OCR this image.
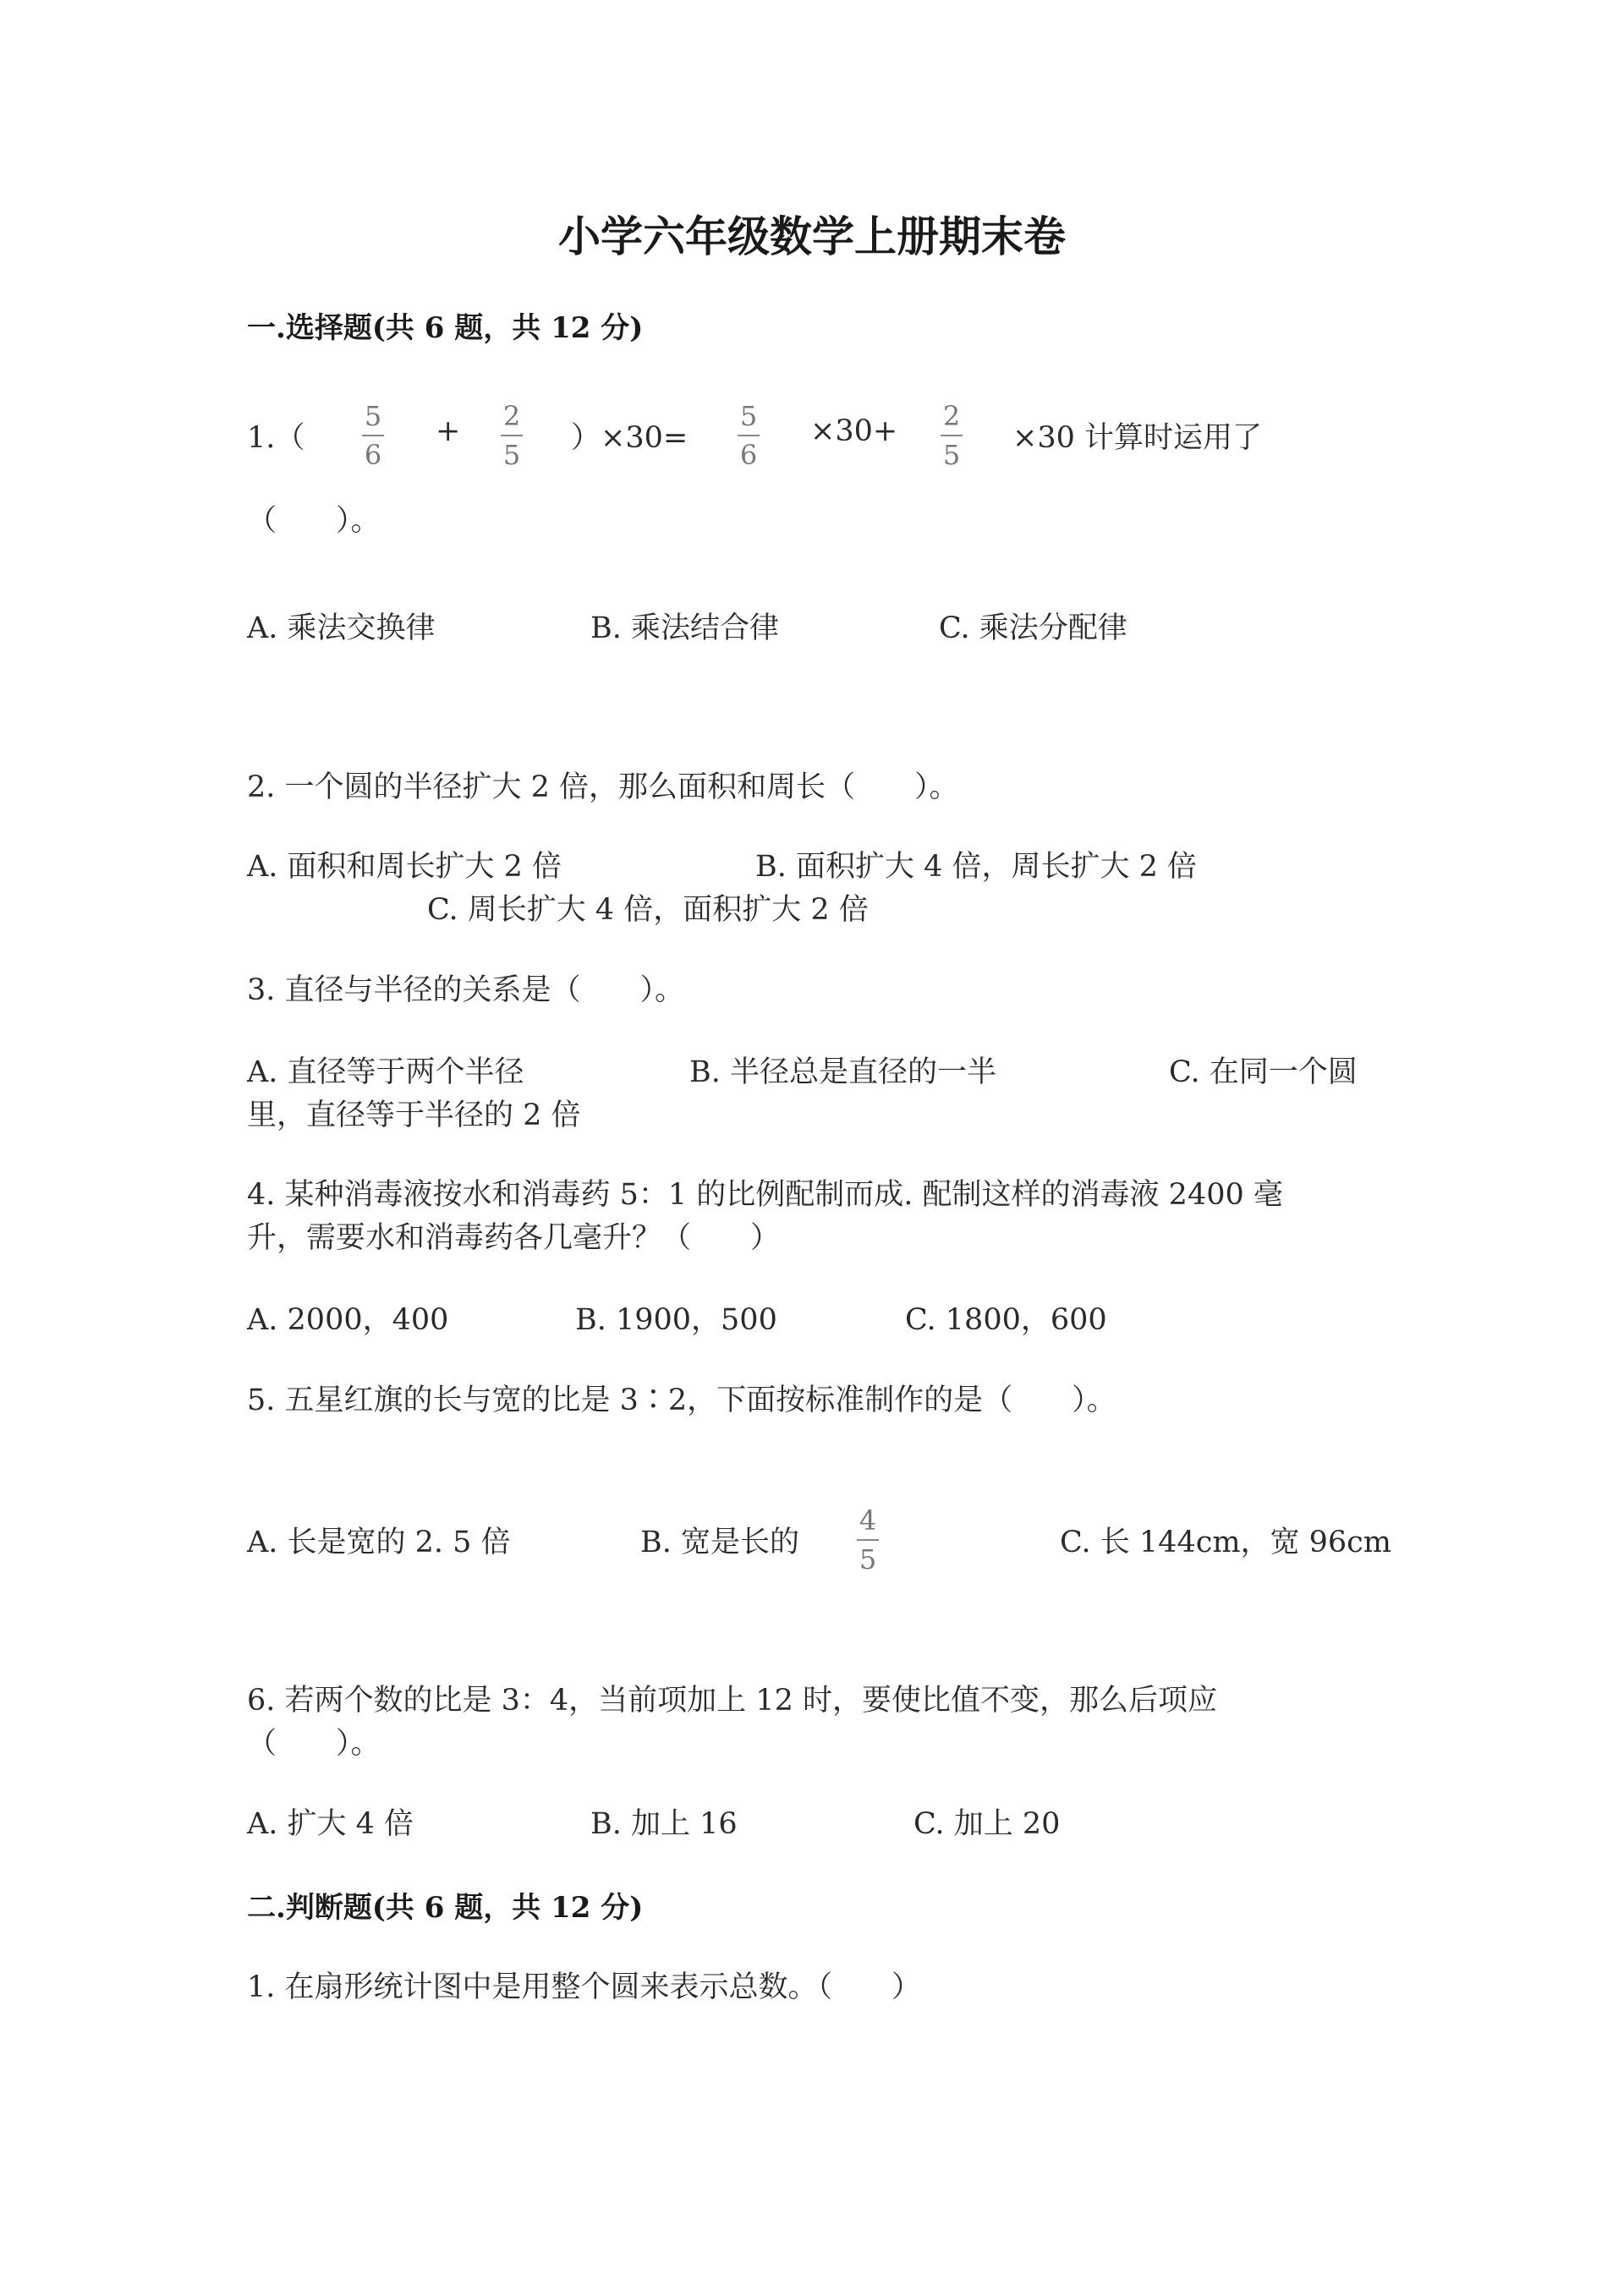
小学六年级数学上册期末卷
一.选择题(共 6 题，共 12 分)
1.（
5
6
+ 2
5 ）×30=
5
6
×30+ 2
5 ×30 计算时运用了
（　　）。
A. 乘法交换律	B. 乘法结合律	C. 乘法分配律
2. 一个圆的半径扩大 2 倍，那么面积和周长（　　）。
A. 面积和周长扩大 2 倍	B. 面积扩大 4 倍，周长扩大 2 倍
C. 周长扩大 4 倍，面积扩大 2 倍
3. 直径与半径的关系是（　　）。
A. 直径等于两个半径	B. 半径总是直径的一半	C. 在同一个圆
里，直径等于半径的 2 倍
4. 某种消毒液按水和消毒药 5：1 的比例配制而成. 配制这样的消毒液 2400 毫
升，需要水和消毒药各几毫升？（　　）
A. 2000，400	B. 1900，500	C. 1800，600
5. 五星红旗的长与宽的比是 3∶2，下面按标准制作的是（　　）。
A. 长是宽的 2. 5 倍	B. 宽是长的
4
5	C. 长 144cm，宽 96cm
6. 若两个数的比是 3：4，当前项加上 12 时，要使比值不变，那么后项应
（　　）。
A. 扩大 4 倍	B. 加上 16	C. 加上 20
二.判断题(共 6 题，共 12 分)
1. 在扇形统计图中是用整个圆来表示总数。（　　）
